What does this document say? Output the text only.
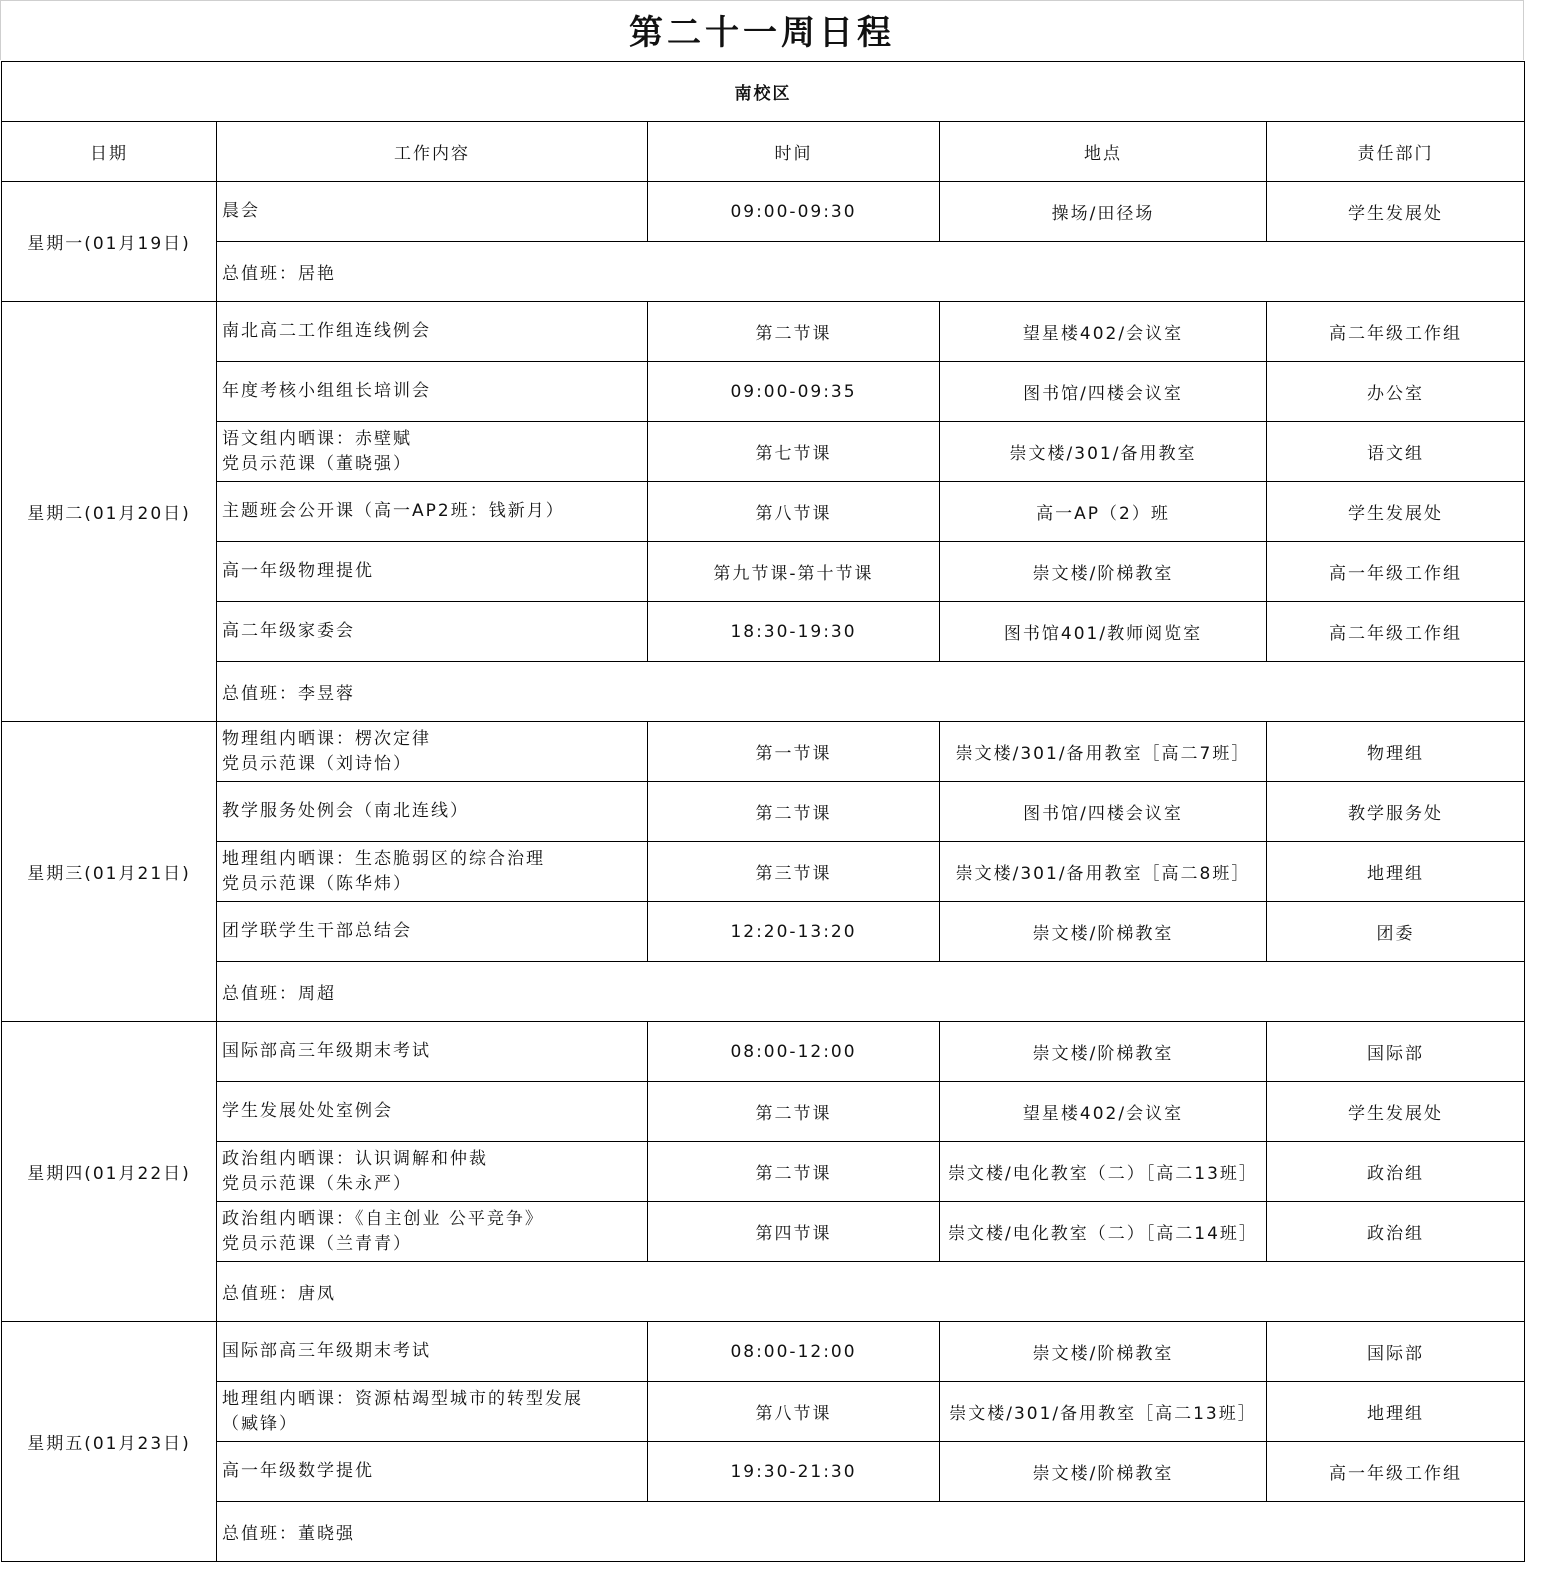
第二十一周日程
南校区				
日期	工作内容	时间	地点	责任部门
星期一(01月19日)	晨会	09:00-09:30	操场/田径场	学生发展处
	总值班：居艳			
星期二(01月20日)	南北高二工作组连线例会	第二节课	望星楼402/会议室	高二年级工作组

	年度考核小组组长培训会	09:00-09:35	图书馆/四楼会议室	办公室

	语文组内晒课：赤壁赋
党员示范课（董晓强）	第七节课	崇文楼/301/备用教室	语文组

	主题班会公开课（高一AP2班：钱新月）	第八节课	高一AP（2）班	学生发展处

	高一年级物理提优	第九节课-第十节课	崇文楼/阶梯教室	高一年级工作组

	高二年级家委会	18:30-19:30	图书馆401/教师阅览室	高二年级工作组
	总值班：李昱蓉			
星期三(01月21日)	物理组内晒课：楞次定律
党员示范课（刘诗怡）	第一节课	崇文楼/301/备用教室［高二7班］	物理组

	教学服务处例会（南北连线）	第二节课	图书馆/四楼会议室	教学服务处

	地理组内晒课：生态脆弱区的综合治理
党员示范课（陈华炜）	第三节课	崇文楼/301/备用教室［高二8班］	地理组

	团学联学生干部总结会	12:20-13:20	崇文楼/阶梯教室	团委
	总值班：周超			
星期四(01月22日)	国际部高三年级期末考试	08:00-12:00	崇文楼/阶梯教室	国际部

	学生发展处处室例会	第二节课	望星楼402/会议室	学生发展处

	政治组内晒课：认识调解和仲裁
党员示范课（朱永严）	第二节课	崇文楼/电化教室（二）［高二13班］	政治组

	政治组内晒课：《自主创业 公平竞争》
党员示范课（兰青青）	第四节课	崇文楼/电化教室（二）［高二14班］	政治组
	总值班：唐凤			
星期五(01月23日)	国际部高三年级期末考试	08:00-12:00	崇文楼/阶梯教室	国际部

	地理组内晒课：资源枯竭型城市的转型发展
（臧锋）	第八节课	崇文楼/301/备用教室［高二13班］	地理组

	高一年级数学提优	19:30-21:30	崇文楼/阶梯教室	高一年级工作组
	总值班：董晓强			
